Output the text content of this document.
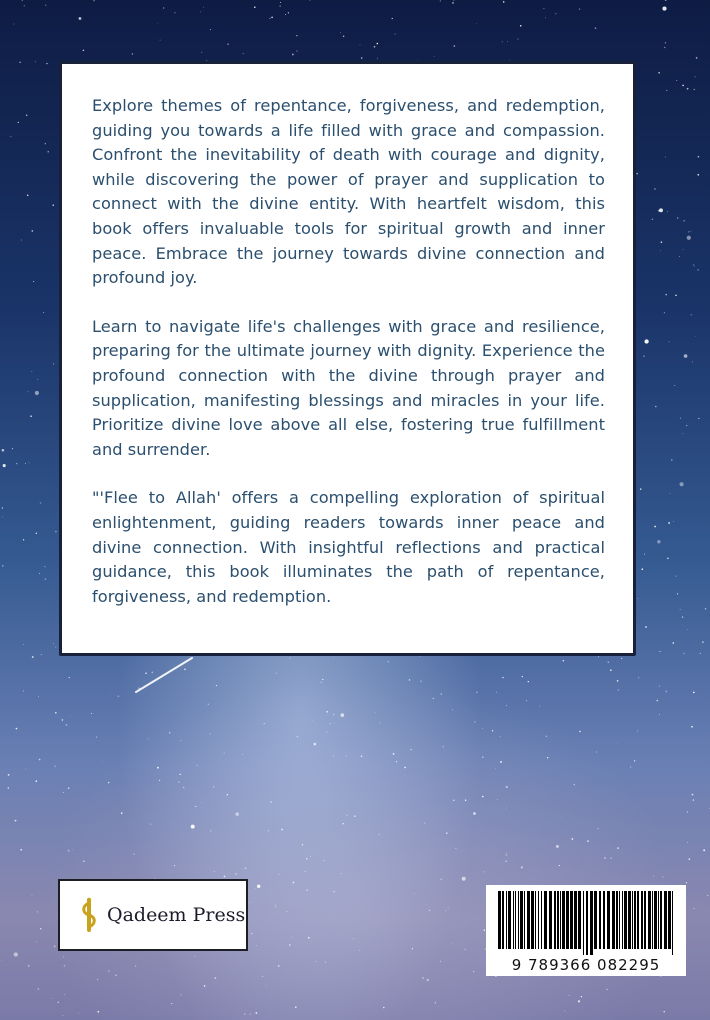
Explore themes of repentance, forgiveness, and redemption, guiding you towards a life filled with grace and compassion. Confront the inevitability of death with courage and dignity, while discovering the power of prayer and supplication to connect with the divine entity. With heartfelt wisdom, this book offers invaluable tools for spiritual growth and inner peace. Embrace the journey towards divine connection and profound joy.

Learn to navigate life's challenges with grace and resilience, preparing for the ultimate journey with dignity. Experience the profound connection with the divine through prayer and supplication, manifesting blessings and miracles in your life. Prioritize divine love above all else, fostering true fulfillment and surrender.

"'Flee to Allah' offers a compelling exploration of spiritual enlightenment, guiding readers towards inner peace and divine connection. With insightful reflections and practical guidance, this book illuminates the path of repentance, forgiveness, and redemption.

Qadeem Press
9 789366 082295
